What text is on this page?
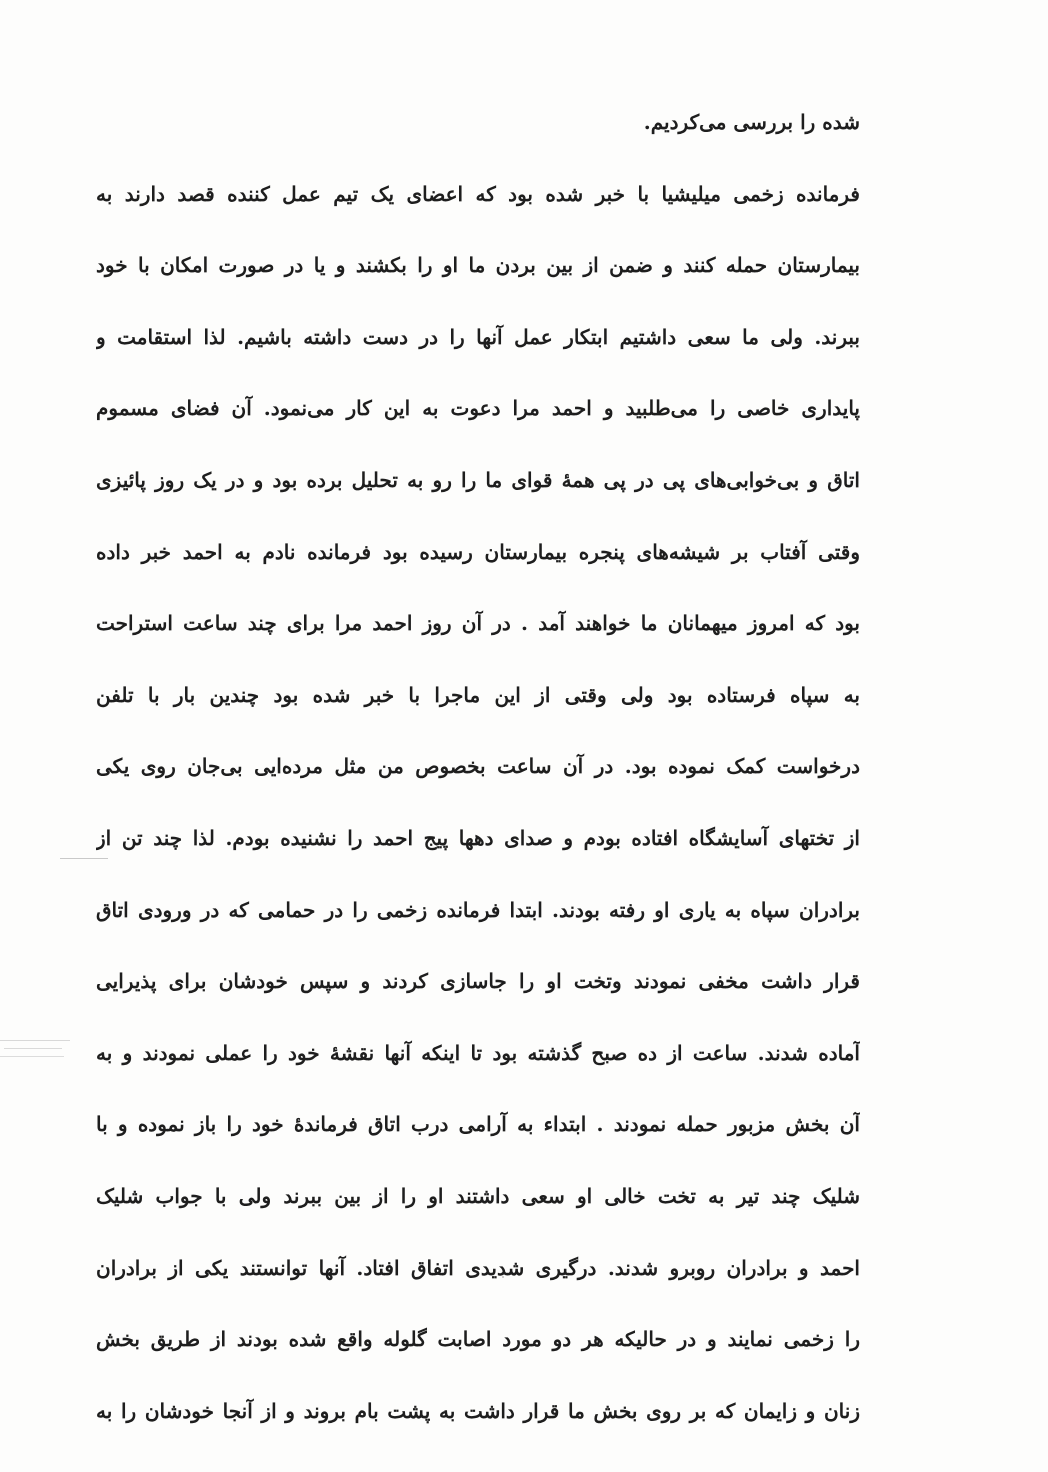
شده را بررسی می‌کردیم.
فرمانده زخمی میلیشیا با خبر شده بود که اعضای یک تیم عمل کننده قصد دارند به
بیمارستان حمله کنند و ضمن از بین بردن ما او را بکشند و یا در صورت امکان با خود
ببرند. ولی ما سعی داشتیم ابتکار عمل آنها را در دست داشته باشیم. لذا استقامت و
پایداری خاصی را می‌طلبید و احمد مرا دعوت به این کار می‌نمود. آن فضای مسموم
اتاق و بی‌خوابی‌های پی در پی همهٔ قوای ما را رو به تحلیل برده بود و در یک روز پائیزی
وقتی آفتاب بر شیشه‌های پنجره بیمارستان رسیده بود فرمانده نادم به احمد خبر داده
بود که امروز میهمانان ما خواهند آمد . در آن روز احمد مرا برای چند ساعت استراحت
به سپاه فرستاده بود ولی وقتی از این ماجرا با خبر شده بود چندین بار با تلفن
درخواست کمک نموده بود. در آن ساعت بخصوص من مثل مرده‌ایی بی‌جان روی یکی
از تختهای آسایشگاه افتاده بودم و صدای دهها پیج احمد را نشنیده بودم. لذا چند تن از
برادران سپاه به یاری او رفته بودند. ابتدا فرمانده زخمی را در حمامی که در ورودی اتاق
قرار داشت مخفی نمودند وتخت او را جاسازی کردند و سپس خودشان برای پذیرایی
آماده شدند. ساعت از ده صبح گذشته بود تا اینکه آنها نقشهٔ خود را عملی نمودند و به
آن بخش مزبور حمله نمودند . ابتداء به آرامی درب اتاق فرماندهٔ خود را باز نموده و با
شلیک چند تیر به تخت خالی او سعی داشتند او را از بین ببرند ولی با جواب شلیک
احمد و برادران روبرو شدند. درگیری شدیدی اتفاق افتاد. آنها توانستند یکی از برادران
را زخمی نمایند و در حالیکه هر دو مورد اصابت گلوله واقع شده بودند از طریق بخش
زنان و زایمان که بر روی بخش ما قرار داشت به پشت بام بروند و از آنجا خودشان را به
